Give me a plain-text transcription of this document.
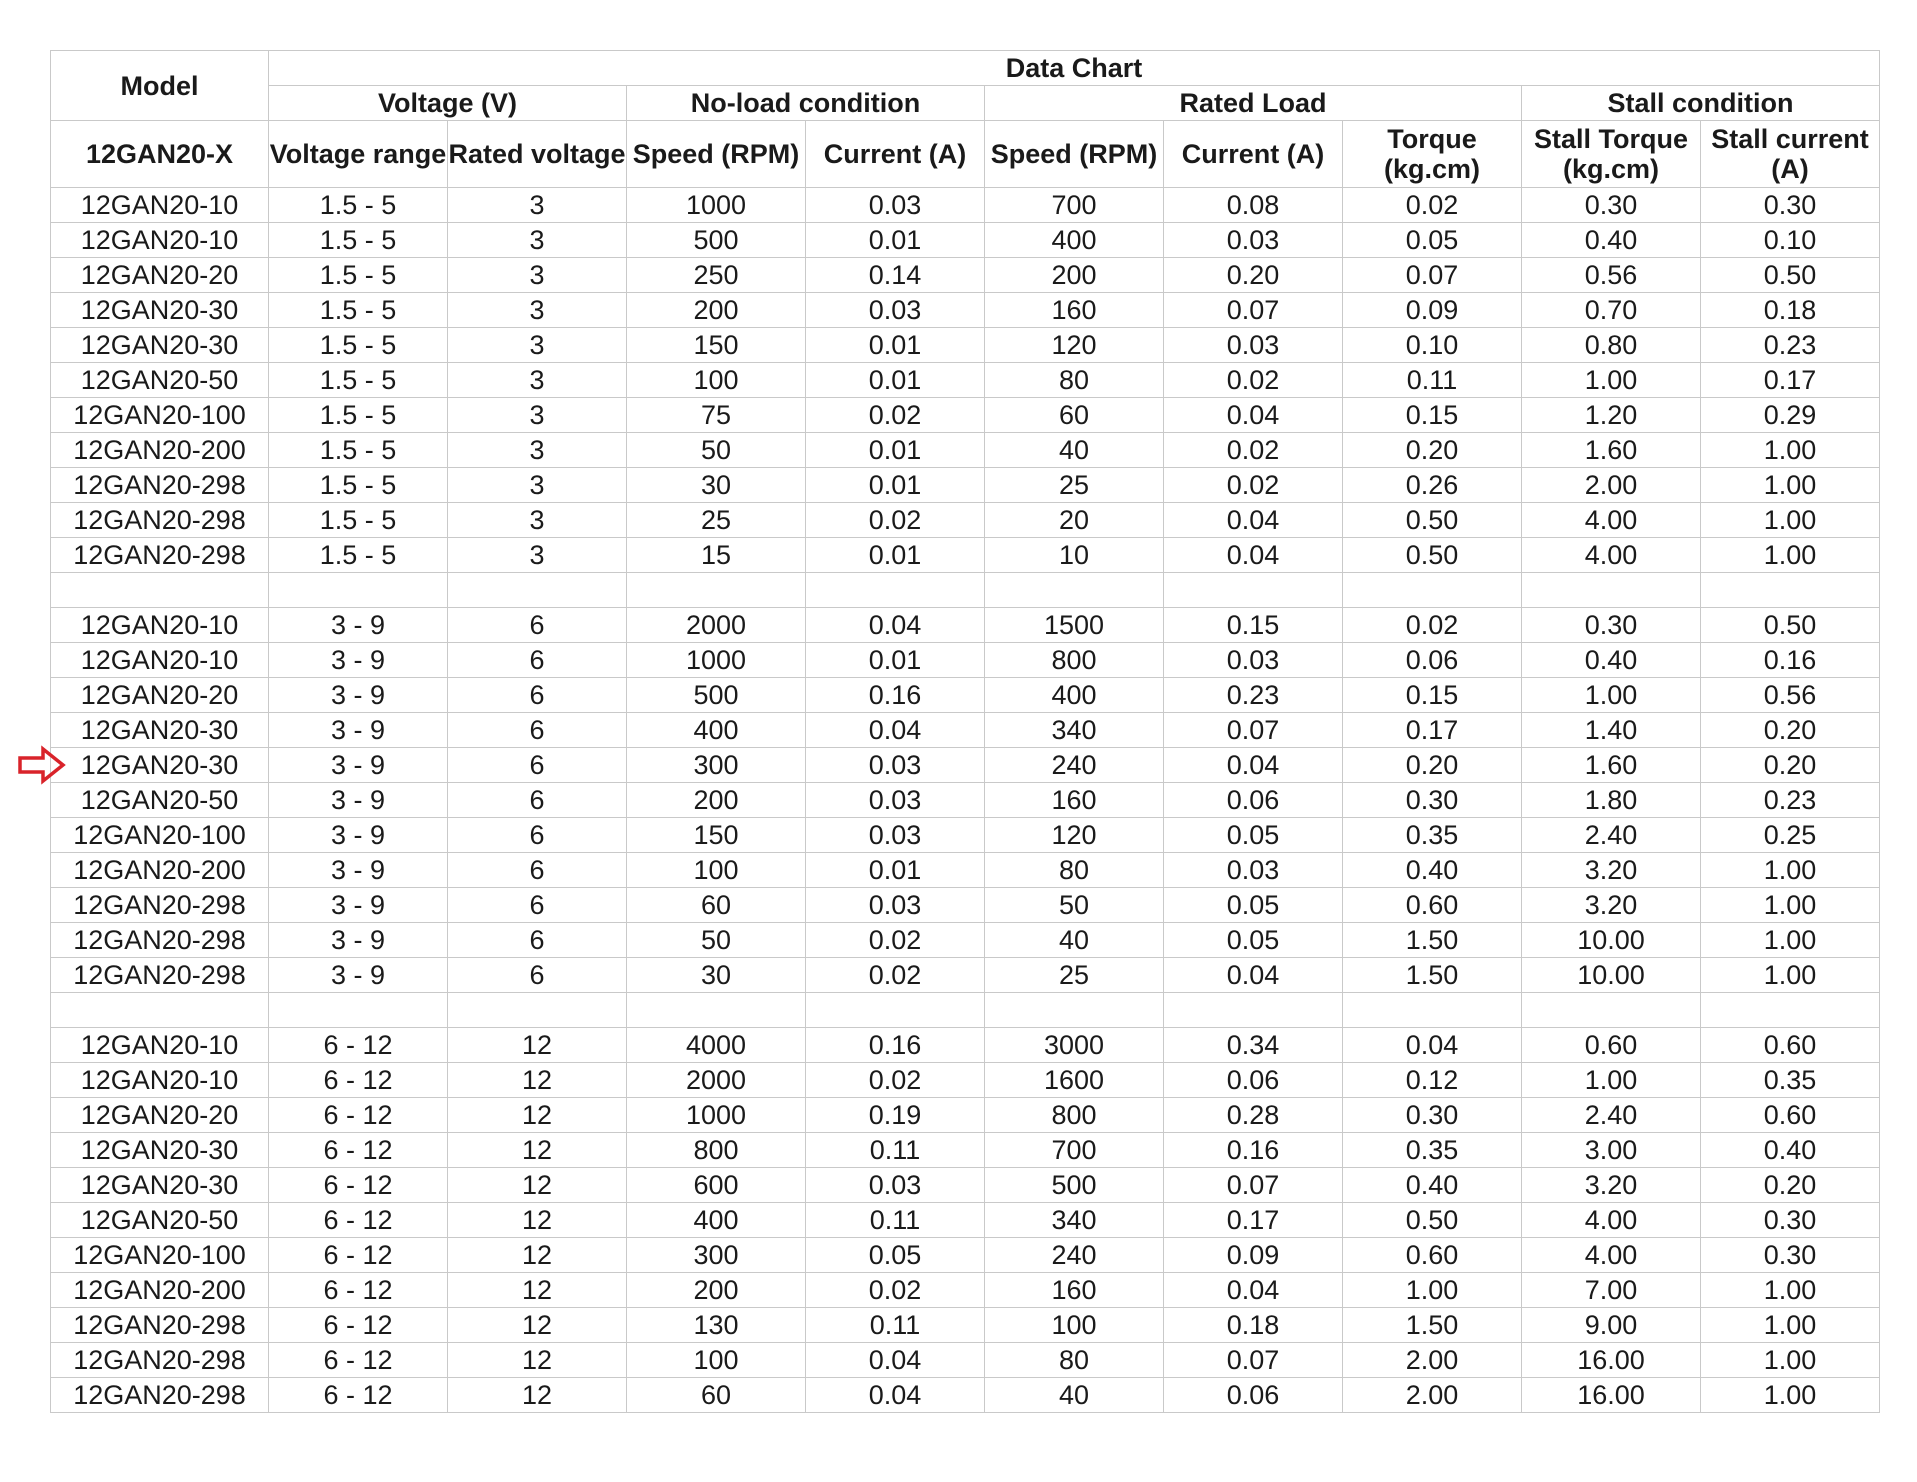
Model	Data Chart								
	Voltage (V)		No-load condition		Rated Load			Stall condition	
12GAN20-X	Voltage range	Rated voltage	Speed (RPM)	Current (A)	Speed (RPM)	Current (A)	Torque (kg.cm)	Stall Torque (kg.cm)	Stall current (A)
12GAN20-10	1.5 - 5	3	1000	0.03	700	0.08	0.02	0.30	0.30
12GAN20-10	1.5 - 5	3	500	0.01	400	0.03	0.05	0.40	0.10
12GAN20-20	1.5 - 5	3	250	0.14	200	0.20	0.07	0.56	0.50
12GAN20-30	1.5 - 5	3	200	0.03	160	0.07	0.09	0.70	0.18
12GAN20-30	1.5 - 5	3	150	0.01	120	0.03	0.10	0.80	0.23
12GAN20-50	1.5 - 5	3	100	0.01	80	0.02	0.11	1.00	0.17
12GAN20-100	1.5 - 5	3	75	0.02	60	0.04	0.15	1.20	0.29
12GAN20-200	1.5 - 5	3	50	0.01	40	0.02	0.20	1.60	1.00
12GAN20-298	1.5 - 5	3	30	0.01	25	0.02	0.26	2.00	1.00
12GAN20-298	1.5 - 5	3	25	0.02	20	0.04	0.50	4.00	1.00
12GAN20-298	1.5 - 5	3	15	0.01	10	0.04	0.50	4.00	1.00

12GAN20-10	3 - 9	6	2000	0.04	1500	0.15	0.02	0.30	0.50
12GAN20-10	3 - 9	6	1000	0.01	800	0.03	0.06	0.40	0.16
12GAN20-20	3 - 9	6	500	0.16	400	0.23	0.15	1.00	0.56
12GAN20-30	3 - 9	6	400	0.04	340	0.07	0.17	1.40	0.20
12GAN20-30	3 - 9	6	300	0.03	240	0.04	0.20	1.60	0.20
12GAN20-50	3 - 9	6	200	0.03	160	0.06	0.30	1.80	0.23
12GAN20-100	3 - 9	6	150	0.03	120	0.05	0.35	2.40	0.25
12GAN20-200	3 - 9	6	100	0.01	80	0.03	0.40	3.20	1.00
12GAN20-298	3 - 9	6	60	0.03	50	0.05	0.60	3.20	1.00
12GAN20-298	3 - 9	6	50	0.02	40	0.05	1.50	10.00	1.00
12GAN20-298	3 - 9	6	30	0.02	25	0.04	1.50	10.00	1.00

12GAN20-10	6 - 12	12	4000	0.16	3000	0.34	0.04	0.60	0.60
12GAN20-10	6 - 12	12	2000	0.02	1600	0.06	0.12	1.00	0.35
12GAN20-20	6 - 12	12	1000	0.19	800	0.28	0.30	2.40	0.60
12GAN20-30	6 - 12	12	800	0.11	700	0.16	0.35	3.00	0.40
12GAN20-30	6 - 12	12	600	0.03	500	0.07	0.40	3.20	0.20
12GAN20-50	6 - 12	12	400	0.11	340	0.17	0.50	4.00	0.30
12GAN20-100	6 - 12	12	300	0.05	240	0.09	0.60	4.00	0.30
12GAN20-200	6 - 12	12	200	0.02	160	0.04	1.00	7.00	1.00
12GAN20-298	6 - 12	12	130	0.11	100	0.18	1.50	9.00	1.00
12GAN20-298	6 - 12	12	100	0.04	80	0.07	2.00	16.00	1.00
12GAN20-298	6 - 12	12	60	0.04	40	0.06	2.00	16.00	1.00
